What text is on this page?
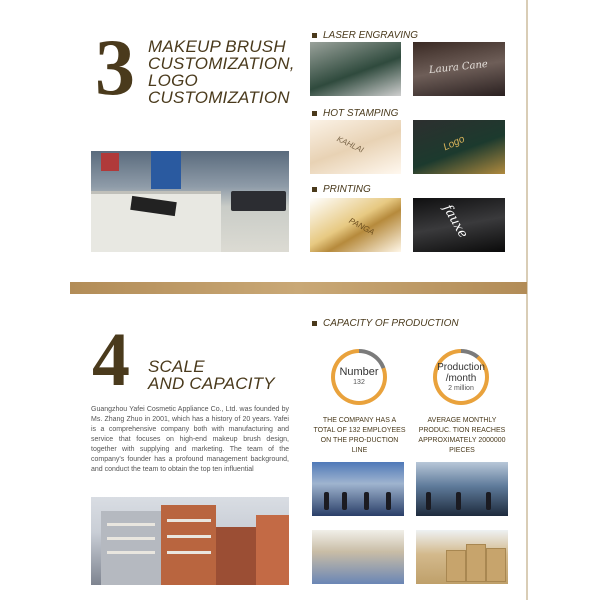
3 MAKEUP BRUSH
CUSTOMIZATION,
LOGO
CUSTOMIZATION
LASER ENGRAVING
Laura Cane
HOT STAMPING
KAHLAI	Logo
PRINTING
PANGA	fauxe
4 SCALE
AND CAPACITY
CAPACITY OF PRODUCTION
Number
132
Production
/month
2 million
THE COMPANY HAS A TOTAL OF 132 EMPLOYEES ON THE PRO-DUCTION LINE
AVERAGE MONTHLY PRODUC. TION REACHES APPROXIMATELY 2000000 PIECES
Guangzhou Yafei Cosmetic Appliance Co., Ltd. was founded by Ms. Zhang Zhuo in 2001, which has a history of 20 years. Yafei is a comprehensive company both with manufacturing and service that focuses on high-end makeup brush design, together with supplying and marketing. The team of the company's founder has a profound management background, and conduct the team to obtain the top ten influential
